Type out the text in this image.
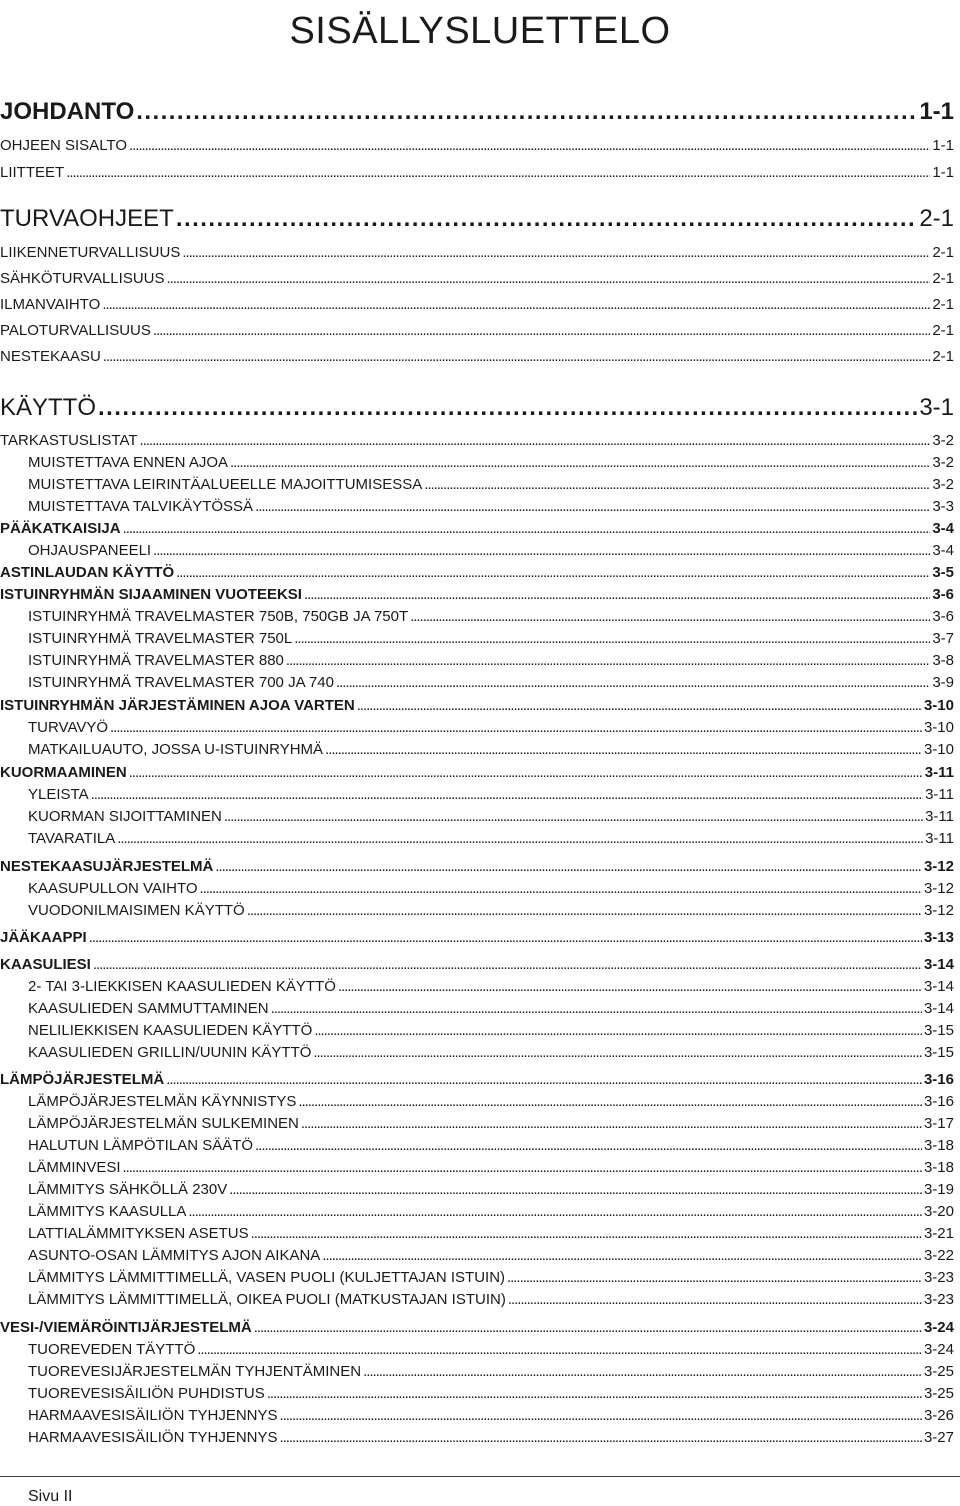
SISÄLLYSLUETTELO
JOHDANTO . . .	1-1
OHJEEN SISALTO . . .	1-1
LIITTEET . . .	1-1
TURVAOHJEET . . .	2-1
LIIKENNETURVALLISUUS . . .	2-1
SÄHKÖTURVALLISUUS . . .	2-1
ILMANVAIHTO . . .	2-1
PALOTURVALLISUUS . . .	2-1
NESTEKAASU . . .	2-1
KÄYTTÖ . . .	3-1
TARKASTUSLISTAT . . .	3-2
MUISTETTAVA ENNEN AJOA . . .	3-2
MUISTETTAVA LEIRINTÄALUEELLE MAJOITTUMISESSA . . .	3-2
MUISTETTAVA TALVIKÄYTÖSSÄ . . .	3-3
PÄÄKATKAISIJA . . .	3-4
OHJAUSPANEELI . . .	3-4
ASTINLAUDAN KÄYTTÖ . . .	3-5
ISTUINRYHMÄN SIJAAMINEN VUOTEEKSI . . .	3-6
ISTUINRYHMÄ TRAVELMASTER 750B, 750GB JA 750T . . .	3-6
ISTUINRYHMÄ TRAVELMASTER 750L . . .	3-7
ISTUINRYHMÄ TRAVELMASTER 880 . . .	3-8
ISTUINRYHMÄ TRAVELMASTER 700 JA 740 . . .	3-9
ISTUINRYHMÄN JÄRJESTÄMINEN AJOA VARTEN . . .	3-10
TURVAVYÖ . . .	3-10
MATKAILUAUTO, JOSSA U-ISTUINRYHMÄ . . .	3-10
KUORMAAMINEN . . .	3-11
YLEISTA . . .	3-11
KUORMAN SIJOITTAMINEN . . .	3-11
TAVARATILA . . .	3-11
NESTEKAASUJÄRJESTELMÄ . . .	3-12
KAASUPULLON VAIHTO . . .	3-12
VUODONILMAISIMEN KÄYTTÖ . . .	3-12
JÄÄKAAPPI . . .	3-13
KAASULIESI . . .	3-14
2- TAI 3-LIEKKISEN KAASULIEDEN KÄYTTÖ . . .	3-14
KAASULIEDEN SAMMUTTAMINEN . . .	3-14
NELILIEKKISEN KAASULIEDEN KÄYTTÖ . . .	3-15
KAASULIEDEN GRILLIN/UUNIN KÄYTTÖ . . .	3-15
LÄMPÖJÄRJESTELMÄ . . .	3-16
LÄMPÖJÄRJESTELMÄN KÄYNNISTYS . . .	3-16
LÄMPÖJÄRJESTELMÄN SULKEMINEN . . .	3-17
HALUTUN LÄMPÖTILAN SÄÄTÖ . . .	3-18
LÄMMINVESI . . .	3-18
LÄMMITYS SÄHKÖLLÄ 230V . . .	3-19
LÄMMITYS KAASULLA . . .	3-20
LATTIALÄMMITYKSEN ASETUS . . .	3-21
ASUNTO-OSAN LÄMMITYS AJON AIKANA . . .	3-22
LÄMMITYS LÄMMITTIMELLÄ, VASEN PUOLI (KULJETTAJAN ISTUIN) . . .	3-23
LÄMMITYS LÄMMITTIMELLÄ, OIKEA PUOLI (MATKUSTAJAN ISTUIN) . . .	3-23
VESI-/VIEMÄRÖINTIJÄRJESTELMÄ . . .	3-24
TUOREVEDEN TÄYTTÖ . . .	3-24
TUOREVESIJÄRJESTELMÄN TYHJENTÄMINEN . . .	3-25
TUOREVESISÄILIÖN PUHDISTUS . . .	3-25
HARMAAVESISÄILIÖN TYHJENNYS . . .	3-26
HARMAAVESISÄILIÖN TYHJENNYS . . .	3-27
Sivu II
